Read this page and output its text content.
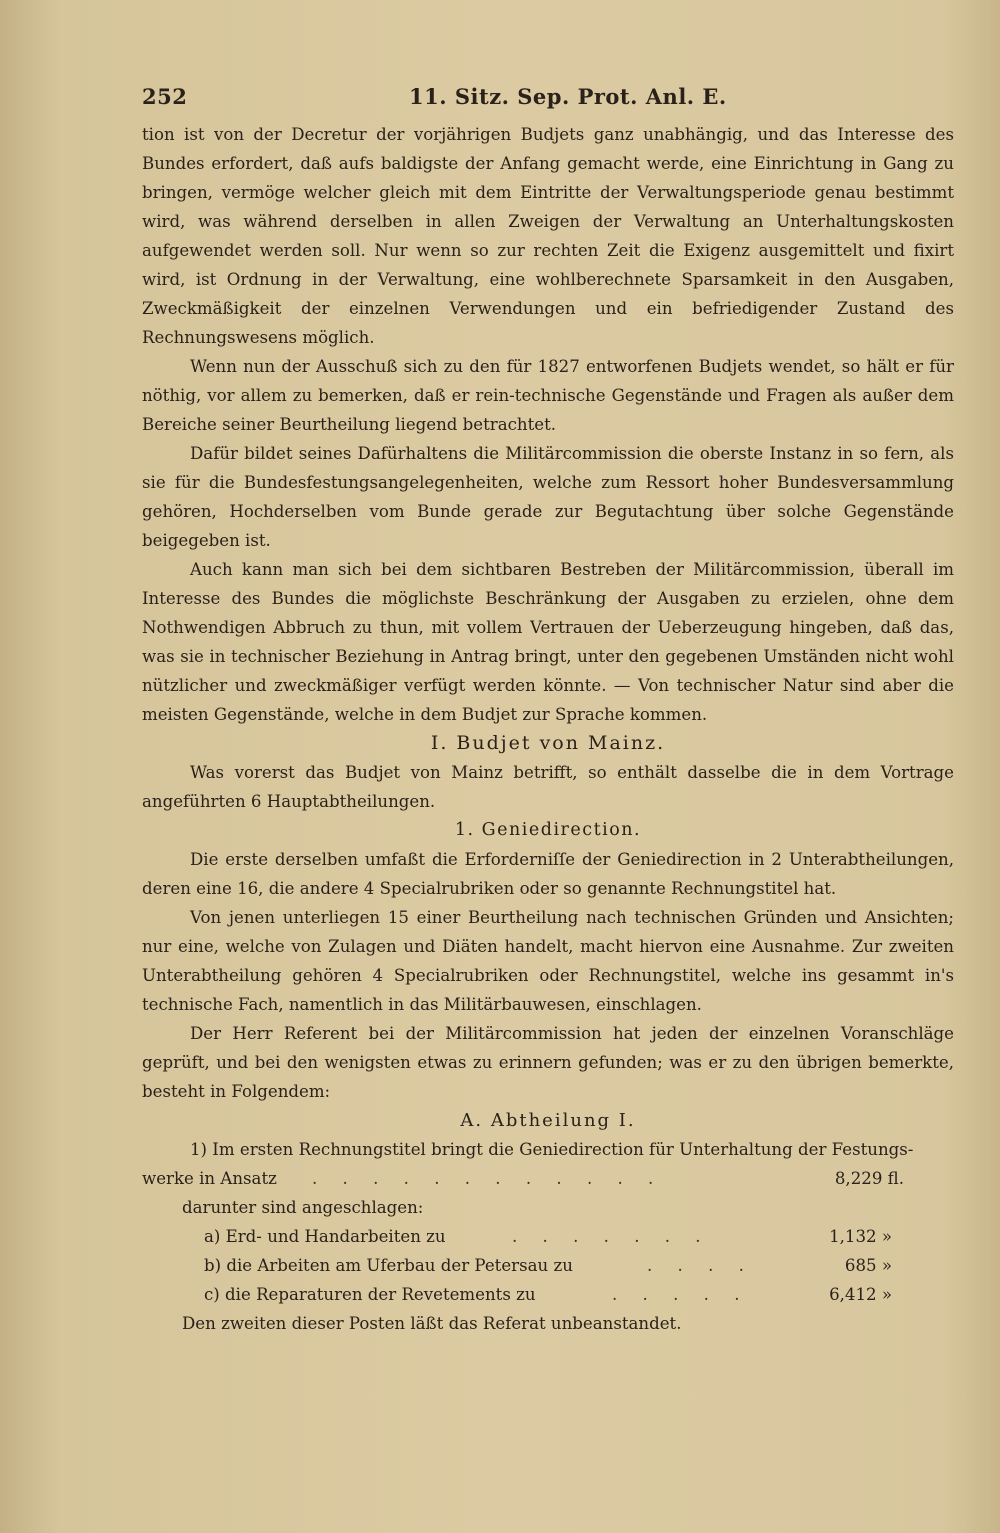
252	11. Sitz. Sep. Prot. Anl. E.

tion ist von der Decretur der vorjährigen Budjets ganz unabhängig, und das Interesse des Bundes erfordert, daß aufs baldigste der Anfang gemacht werde, eine Einrichtung in Gang zu bringen, vermöge welcher gleich mit dem Eintritte der Verwaltungsperiode genau bestimmt wird, was während derselben in allen Zweigen der Verwaltung an Unterhaltungskosten aufgewendet werden soll. Nur wenn so zur rechten Zeit die Exigenz ausgemittelt und fixirt wird, ist Ordnung in der Verwaltung, eine wohlberechnete Sparsamkeit in den Ausgaben, Zweckmäßigkeit der einzelnen Verwendungen und ein befriedigender Zustand des Rechnungswesens möglich.

Wenn nun der Ausschuß sich zu den für 1827 entworfenen Budjets wendet, so hält er für nöthig, vor allem zu bemerken, daß er rein-technische Gegenstände und Fragen als außer dem Bereiche seiner Beurtheilung liegend betrachtet.

Dafür bildet seines Dafürhaltens die Militärcommission die oberste Instanz in so fern, als sie für die Bundesfestungsangelegenheiten, welche zum Ressort hoher Bundesversammlung gehören, Hochderselben vom Bunde gerade zur Begutachtung über solche Gegenstände beigegeben ist.

Auch kann man sich bei dem sichtbaren Bestreben der Militärcommission, überall im Interesse des Bundes die möglichste Beschränkung der Ausgaben zu erzielen, ohne dem Nothwendigen Abbruch zu thun, mit vollem Vertrauen der Ueberzeugung hingeben, daß das, was sie in technischer Beziehung in Antrag bringt, unter den gegebenen Umständen nicht wohl nützlicher und zweckmäßiger verfügt werden könnte. — Von technischer Natur sind aber die meisten Gegenstände, welche in dem Budjet zur Sprache kommen.

I. Budjet von Mainz.

Was vorerst das Budjet von Mainz betrifft, so enthält dasselbe die in dem Vortrage angeführten 6 Hauptabtheilungen.

1. Geniedirection.

Die erste derselben umfaßt die Erforderniſſe der Geniedirection in 2 Unterabtheilungen, deren eine 16, die andere 4 Specialrubriken oder so genannte Rechnungstitel hat.

Von jenen unterliegen 15 einer Beurtheilung nach technischen Gründen und Ansichten; nur eine, welche von Zulagen und Diäten handelt, macht hiervon eine Ausnahme. Zur zweiten Unterabtheilung gehören 4 Specialrubriken oder Rechnungstitel, welche ins gesammt in's technische Fach, namentlich in das Militärbauwesen, einschlagen.

Der Herr Referent bei der Militärcommission hat jeden der einzelnen Voranschläge geprüft, und bei den wenigsten etwas zu erinnern gefunden; was er zu den übrigen bemerkte, besteht in Folgendem:

A. Abtheilung I.

1) Im ersten Rechnungstitel bringt die Geniedirection für Unterhaltung der Festungs-

werke in Ansatz . . . . . . . . . . . .	8,229 fl.

darunter sind angeschlagen:

a) Erd- und Handarbeiten zu	. . . . . . .	1,132 »
b) die Arbeiten am Uferbau der Petersau zu	. . . .	685 »
c) die Reparaturen der Revetements zu	. . . . .	6,412 »

Den zweiten dieser Posten läßt das Referat unbeanstandet.
